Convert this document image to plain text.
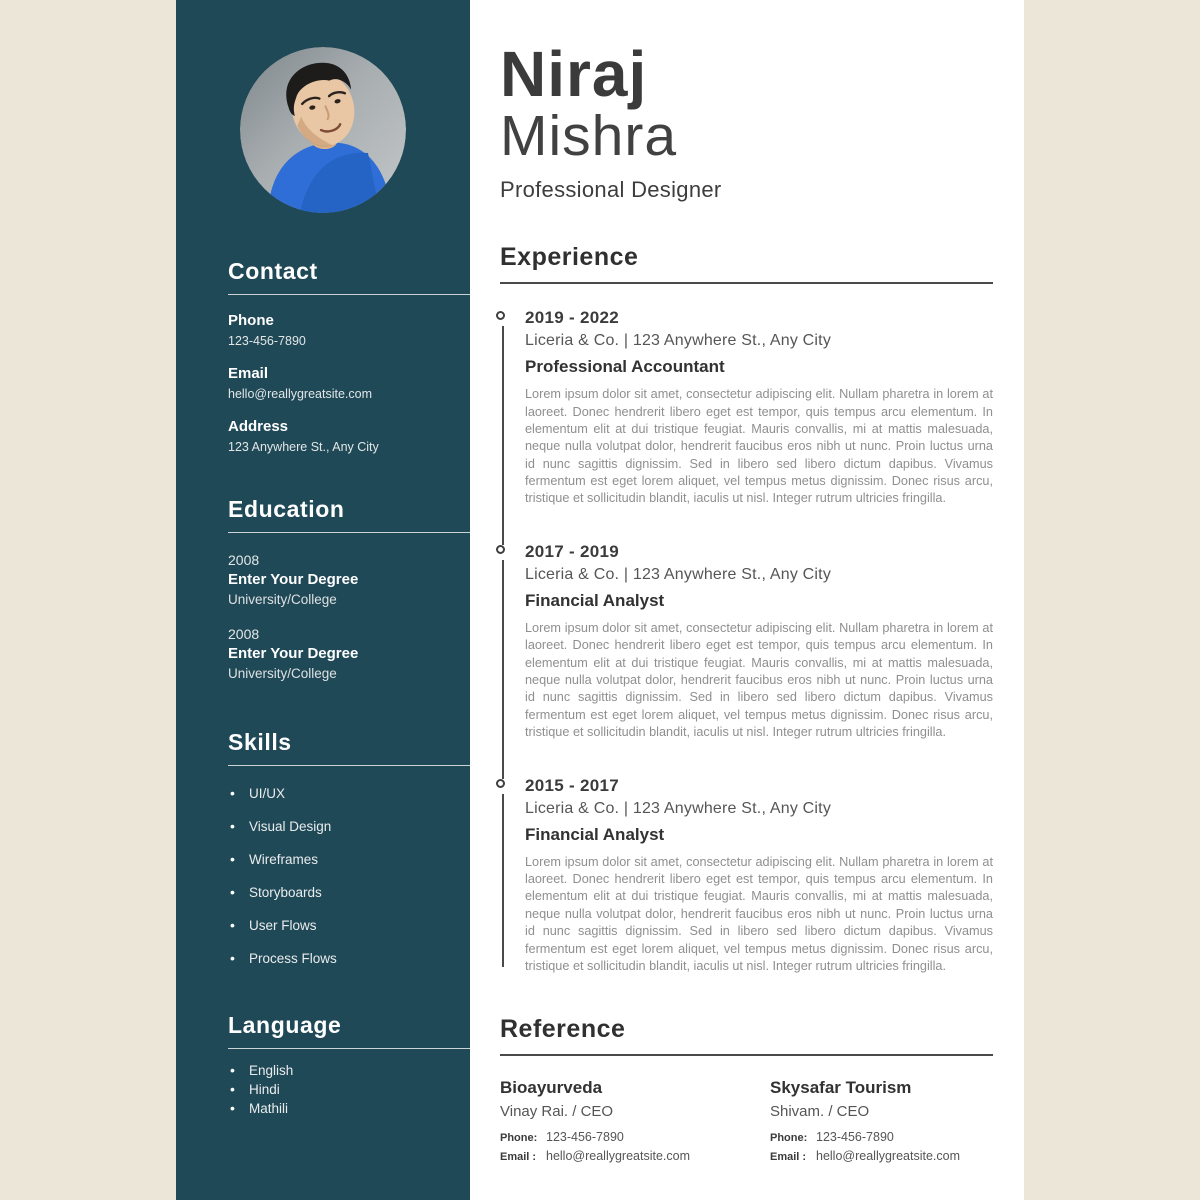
Contact
Phone
123-456-7890
Email
hello@reallygreatsite.com
Address
123 Anywhere St., Any City
Education
2008
Enter Your Degree
University/College
2008
Enter Your Degree
University/College
Skills
• UI/UX
• Visual Design
• Wireframes
• Storyboards
• User Flows
• Process Flows
Language
• English
• Hindi
• Mathili
Niraj
Mishra
Professional Designer
Experience
2019 - 2022
Liceria & Co. | 123 Anywhere St., Any City
Professional Accountant

Lorem ipsum dolor sit amet, consectetur adipiscing elit. Nullam pharetra in lorem at laoreet. Donec hendrerit libero eget est tempor, quis tempus arcu elementum. In elementum elit at dui tristique feugiat. Mauris convallis, mi at mattis malesuada, neque nulla volutpat dolor, hendrerit faucibus eros nibh ut nunc. Proin luctus urna id nunc sagittis dignissim. Sed in libero sed libero dictum dapibus. Vivamus fermentum est eget lorem aliquet, vel tempus metus dignissim. Donec risus arcu, tristique et sollicitudin blandit, iaculis ut nisl. Integer rutrum ultricies fringilla.

2017 - 2019
Liceria & Co. | 123 Anywhere St., Any City
Financial Analyst

Lorem ipsum dolor sit amet, consectetur adipiscing elit. Nullam pharetra in lorem at laoreet. Donec hendrerit libero eget est tempor, quis tempus arcu elementum. In elementum elit at dui tristique feugiat. Mauris convallis, mi at mattis malesuada, neque nulla volutpat dolor, hendrerit faucibus eros nibh ut nunc. Proin luctus urna id nunc sagittis dignissim. Sed in libero sed libero dictum dapibus. Vivamus fermentum est eget lorem aliquet, vel tempus metus dignissim. Donec risus arcu, tristique et sollicitudin blandit, iaculis ut nisl. Integer rutrum ultricies fringilla.

2015 - 2017
Liceria & Co. | 123 Anywhere St., Any City
Financial Analyst

Lorem ipsum dolor sit amet, consectetur adipiscing elit. Nullam pharetra in lorem at laoreet. Donec hendrerit libero eget est tempor, quis tempus arcu elementum. In elementum elit at dui tristique feugiat. Mauris convallis, mi at mattis malesuada, neque nulla volutpat dolor, hendrerit faucibus eros nibh ut nunc. Proin luctus urna id nunc sagittis dignissim. Sed in libero sed libero dictum dapibus. Vivamus fermentum est eget lorem aliquet, vel tempus metus dignissim. Donec risus arcu, tristique et sollicitudin blandit, iaculis ut nisl. Integer rutrum ultricies fringilla.

Reference
Bioayurveda
Vinay Rai. / CEO
Phone: 123-456-7890
Email : hello@reallygreatsite.com
Skysafar Tourism
Shivam. / CEO
Phone: 123-456-7890
Email : hello@reallygreatsite.com
